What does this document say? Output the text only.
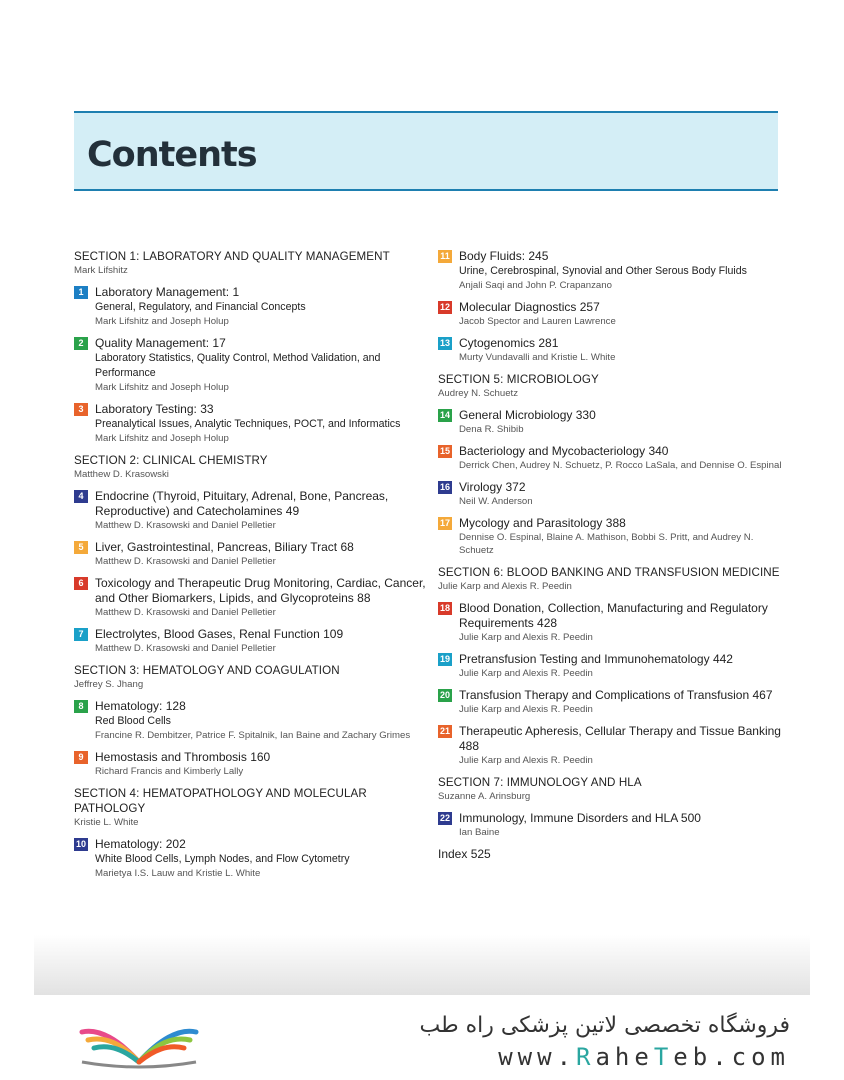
Contents
SECTION 1: LABORATORY AND QUALITY MANAGEMENT
Mark Lifshitz
1 Laboratory Management: 1
General, Regulatory, and Financial Concepts
Mark Lifshitz and Joseph Holup
2 Quality Management: 17
Laboratory Statistics, Quality Control, Method Validation, and Performance
Mark Lifshitz and Joseph Holup
3 Laboratory Testing: 33
Preanalytical Issues, Analytic Techniques, POCT, and Informatics
Mark Lifshitz and Joseph Holup
SECTION 2: CLINICAL CHEMISTRY
Matthew D. Krasowski
4 Endocrine (Thyroid, Pituitary, Adrenal, Bone, Pancreas, Reproductive) and Catecholamines 49
Matthew D. Krasowski and Daniel Pelletier
5 Liver, Gastrointestinal, Pancreas, Biliary Tract 68
Matthew D. Krasowski and Daniel Pelletier
6 Toxicology and Therapeutic Drug Monitoring, Cardiac, Cancer, and Other Biomarkers, Lipids, and Glycoproteins 88
Matthew D. Krasowski and Daniel Pelletier
7 Electrolytes, Blood Gases, Renal Function 109
Matthew D. Krasowski and Daniel Pelletier
SECTION 3: HEMATOLOGY AND COAGULATION
Jeffrey S. Jhang
8 Hematology: 128
Red Blood Cells
Francine R. Dembitzer, Patrice F. Spitalnik, Ian Baine and Zachary Grimes
9 Hemostasis and Thrombosis 160
Richard Francis and Kimberly Lally
SECTION 4: HEMATOPATHOLOGY AND MOLECULAR PATHOLOGY
Kristie L. White
10 Hematology: 202
White Blood Cells, Lymph Nodes, and Flow Cytometry
Marietya I.S. Lauw and Kristie L. White
11 Body Fluids: 245
Urine, Cerebrospinal, Synovial and Other Serous Body Fluids
Anjali Saqi and John P. Crapanzano
12 Molecular Diagnostics 257
Jacob Spector and Lauren Lawrence
13 Cytogenomics 281
Murty Vundavalli and Kristie L. White
SECTION 5: MICROBIOLOGY
Audrey N. Schuetz
14 General Microbiology 330
Dena R. Shibib
15 Bacteriology and Mycobacteriology 340
Derrick Chen, Audrey N. Schuetz, P. Rocco LaSala, and Dennise O. Espinal
16 Virology 372
Neil W. Anderson
17 Mycology and Parasitology 388
Dennise O. Espinal, Blaine A. Mathison, Bobbi S. Pritt, and Audrey N. Schuetz
SECTION 6: BLOOD BANKING AND TRANSFUSION MEDICINE
Julie Karp and Alexis R. Peedin
18 Blood Donation, Collection, Manufacturing and Regulatory Requirements 428
Julie Karp and Alexis R. Peedin
19 Pretransfusion Testing and Immunohematology 442
Julie Karp and Alexis R. Peedin
20 Transfusion Therapy and Complications of Transfusion 467
Julie Karp and Alexis R. Peedin
21 Therapeutic Apheresis, Cellular Therapy and Tissue Banking 488
Julie Karp and Alexis R. Peedin
SECTION 7: IMMUNOLOGY AND HLA
Suzanne A. Arinsburg
22 Immunology, Immune Disorders and HLA 500
Ian Baine
Index 525
فروشگاه تخصصی لاتین پزشکی راه طب
www.RaheTeb.com
